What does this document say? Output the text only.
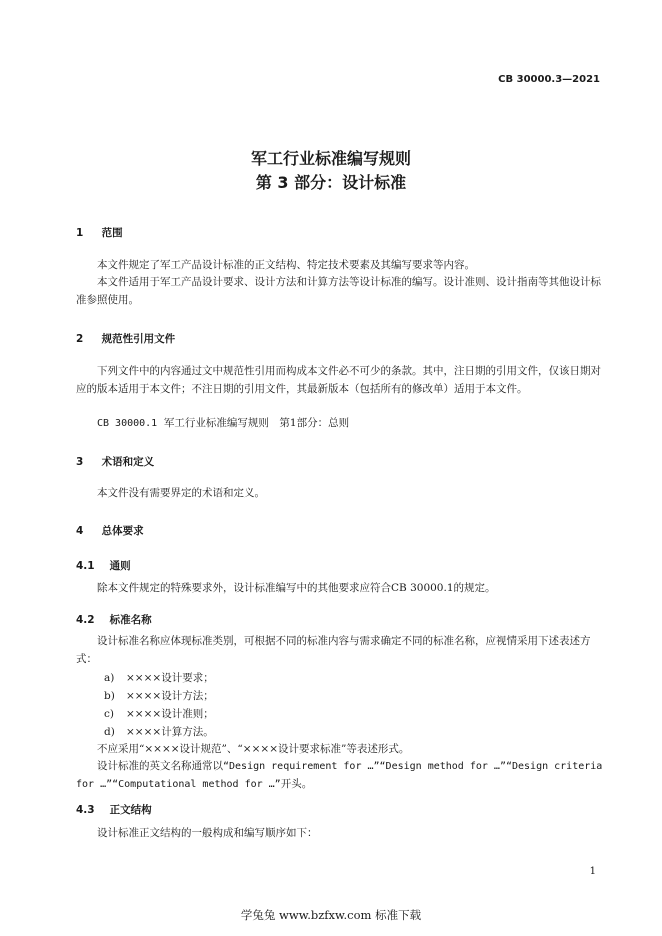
CB 30000.3—2021
军工行业标准编写规则
第 3 部分：设计标准
1 范围
本文件规定了军工产品设计标准的正文结构、特定技术要素及其编写要求等内容。
本文件适用于军工产品设计要求、设计方法和计算方法等设计标准的编写。设计准则、设计指南等其他设计标准参照使用。
2 规范性引用文件
下列文件中的内容通过文中规范性引用而构成本文件必不可少的条款。其中，注日期的引用文件，仅该日期对应的版本适用于本文件；不注日期的引用文件，其最新版本（包括所有的修改单）适用于本文件。
CB 30000.1 军工行业标准编写规则　第1部分：总则
3 术语和定义
本文件没有需要界定的术语和定义。
4 总体要求
4.1 通则
除本文件规定的特殊要求外，设计标准编写中的其他要求应符合CB 30000.1的规定。
4.2 标准名称
设计标准名称应体现标准类别，可根据不同的标准内容与需求确定不同的标准名称，应视情采用下述表述方式：
a) ××××设计要求；
b) ××××设计方法；
c) ××××设计准则；
d) ××××计算方法。
不应采用“××××设计规范”、“××××设计要求标准”等表述形式。
设计标准的英文名称通常以“Design requirement for …”“Design method for …”“Design criteria for …”“Computational method for …”开头。
4.3 正文结构
设计标准正文结构的一般构成和编写顺序如下：
1
学兔兔 www.bzfxw.com 标准下载
